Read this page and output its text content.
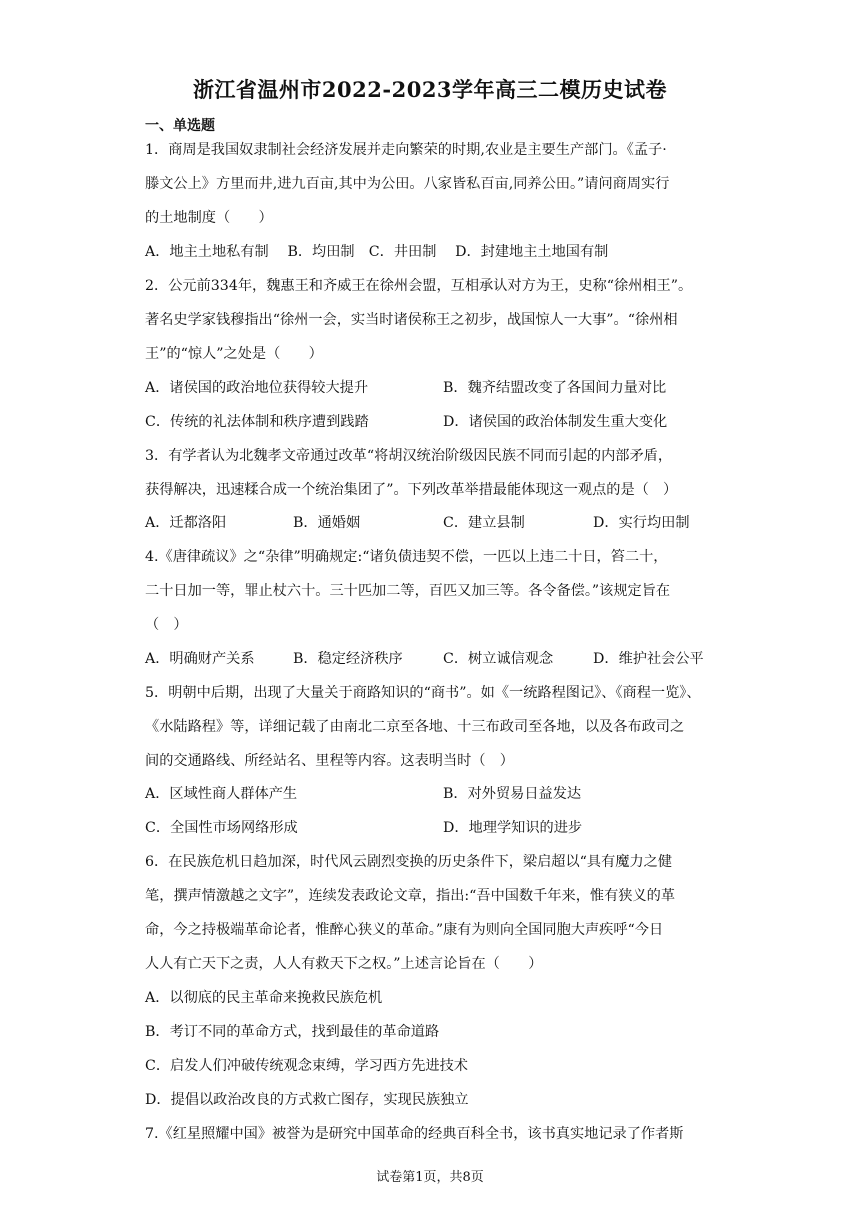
浙江省温州市2022-2023学年高三二模历史试卷
一、单选题
1．商周是我国奴隶制社会经济发展并走向繁荣的时期,农业是主要生产部门。《孟子·
滕文公上》方里而井,进九百亩,其中为公田。八家皆私百亩,同养公田。”请问商周实行
的土地制度（　　）
A．地主土地私有制　 B．均田制　C．井田制　 D．封建地主土地国有制
2．公元前334年，魏惠王和齐威王在徐州会盟，互相承认对方为王，史称“徐州相王”。
著名史学家钱穆指出“徐州一会，实当时诸侯称王之初步，战国惊人一大事”。“徐州相
王”的“惊人”之处是（　　）
A．诸侯国的政治地位获得较大提升	B．魏齐结盟改变了各国间力量对比
C．传统的礼法体制和秩序遭到践踏	D．诸侯国的政治体制发生重大变化
3．有学者认为北魏孝文帝通过改革“将胡汉统治阶级因民族不同而引起的内部矛盾，
获得解决，迅速糅合成一个统治集团了”。下列改革举措最能体现这一观点的是（　）
A．迁都洛阳	B．通婚姻	C．建立县制	D．实行均田制
4.《唐律疏议》之“杂律”明确规定:“诸负债违契不偿，一匹以上违二十日，笞二十，
二十日加一等，罪止杖六十。三十匹加二等，百匹又加三等。各令备偿。”该规定旨在
（　）
A．明确财产关系	B．稳定经济秩序	C．树立诚信观念	D．维护社会公平
5．明朝中后期，出现了大量关于商路知识的“商书”。如《一统路程图记》、《商程一览》、
《水陆路程》等，详细记载了由南北二京至各地、十三布政司至各地，以及各布政司之
间的交通路线、所经站名、里程等内容。这表明当时（　）
A．区域性商人群体产生	B．对外贸易日益发达
C．全国性市场网络形成	D．地理学知识的进步
6．在民族危机日趋加深，时代风云剧烈变换的历史条件下，梁启超以“具有魔力之健
笔，撰声情激越之文字”，连续发表政论文章，指出:“吾中国数千年来，惟有狭义的革
命，今之持极端革命论者，惟醉心狭义的革命。”康有为则向全国同胞大声疾呼“今日
人人有亡天下之责，人人有救天下之权。”上述言论旨在（　　）
A．以彻底的民主革命来挽救民族危机
B．考订不同的革命方式，找到最佳的革命道路
C．启发人们冲破传统观念束缚，学习西方先进技术
D．提倡以政治改良的方式救亡图存，实现民族独立
7.《红星照耀中国》被誉为是研究中国革命的经典百科全书，该书真实地记录了作者斯
试卷第1页，共8页
